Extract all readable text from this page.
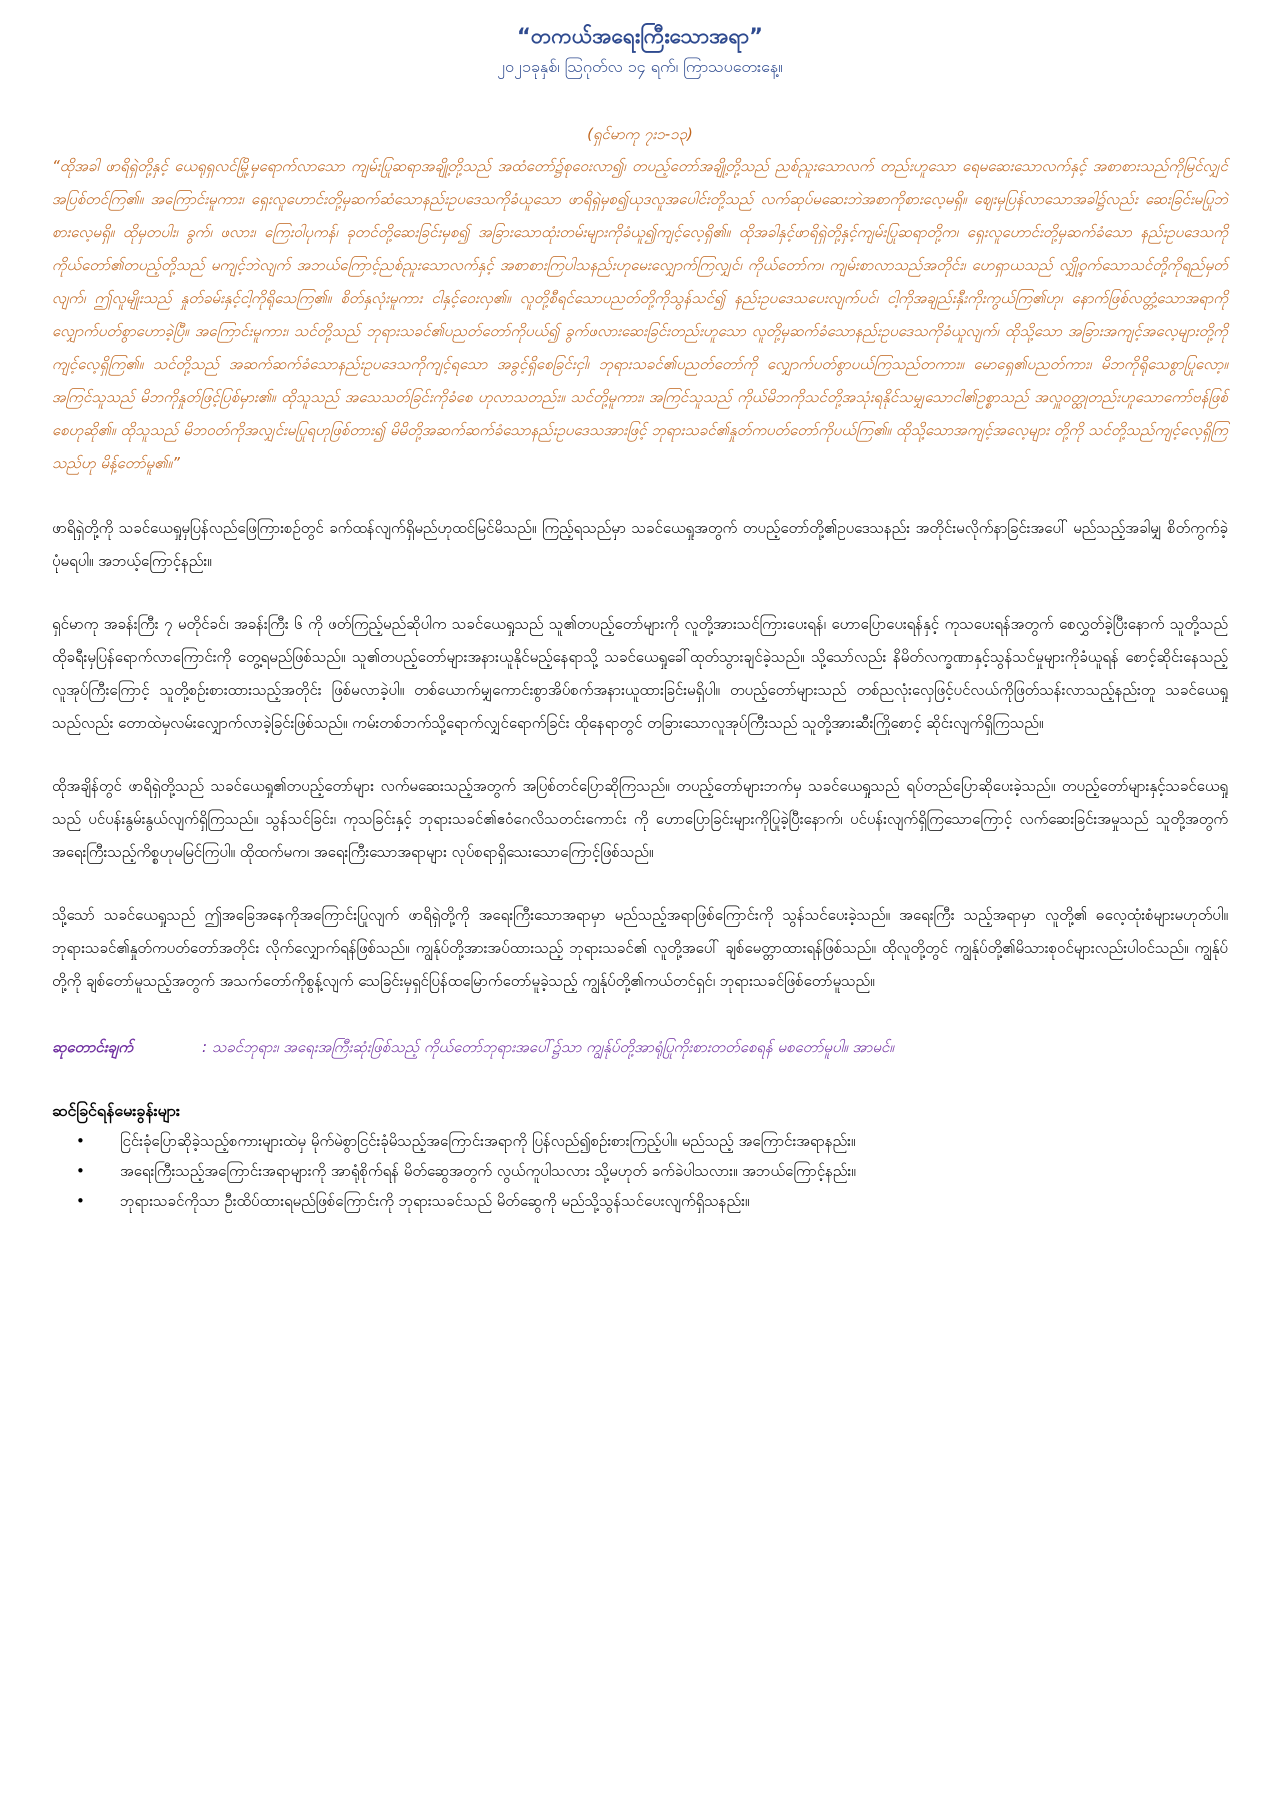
“တကယ်အရေးကြီးသောအရာ”

၂၀၂၁ခုနှစ်၊ ဩဂုတ်လ ၁၄ ရက်၊ ကြာသပတေးနေ့။

(ရှင်မာကု ၇း၁-၁၃)

“ထိုအခါ ဖာရိရှဲတို့နှင့် ယေရုရှလင်မြို့မှရောက်လာသော ကျမ်းပြုဆရာအချို့တို့သည် အထံတော်၌စုဝေးလာ၍၊ တပည့်တော်အချို့တို့သည် ညစ်ညူးသောလက် တည်းဟူသော ရေမဆေးသောလက်နှင့် အစာစားသည်ကိုမြင်လျှင် အပြစ်တင်ကြ၏။ အကြောင်းမူကား၊ ရှေးလူဟောင်းတို့မှဆက်ဆံသောနည်းဥပဒေသကိုခံယူသော ဖာရိရှဲမှစ၍ယုဒလူအပေါင်းတို့သည် လက်ဆုပ်မဆေးဘဲအစာကိုစားလေ့မရှိ။ ဈေးမှပြန်လာသောအခါ၌လည်း ဆေးခြင်းမပြုဘဲစားလေ့မရှိ။ ထိုမှတပါး၊ ခွက်၊ ဖလား၊ ကြေးဝါပုကန်၊ ခုတင်တို့ဆေးခြင်းမှစ၍ အခြားသောထုံးတမ်းများကိုခံယူ၍ကျင့်လေ့ရှိ၏။ ထိုအခါနှင့်ဖာရိရှဲတို့နှင့်ကျမ်းပြုဆရာတို့က၊ ရှေးလူဟောင်းတို့မှဆက်ခံသော နည်းဥပဒေသကို ကိုယ်တော်၏တပည့်တို့သည် မကျင့်ဘဲလျက် အဘယ်ကြောင့်ညစ်ညူးသောလက်နှင့် အစာစားကြပါသနည်းဟုမေးလျှောက်ကြလျှင်၊ ကိုယ်တော်က၊ ကျမ်းစာလာသည်အတိုင်း၊ ဟေရှာယသည် လျှို့ဝှက်သောသင်တို့ကိုရည်မှတ်လျက်၊ ဤလူမျိုးသည် နှုတ်ခမ်းနှင့်ငါ့ကိုရိုသေကြ၏။ စိတ်နှလုံးမူကား ငါနှင့်ဝေးလှ၏။ လူတို့စီရင်သောပညတ်တို့ကိုသွန်သင်၍ နည်းဥပဒေသပေးလျက်ပင်၊ ငါ့ကိုအချည်းနှီးကိုးကွယ်ကြ၏ဟု၊ နောက်ဖြစ်လတ္တံ့သောအရာကိုလျှောက်ပတ်စွာဟောခဲ့ပြီ။ အကြောင်းမူကား၊ သင်တို့သည် ဘုရားသခင်၏ပညတ်တော်ကိုပယ်၍ ခွက်ဖလားဆေးခြင်းတည်းဟူသော လူတို့မှဆက်ခံသောနည်းဥပဒေသကိုခံယူလျက်၊ ထိုသို့သော အခြားအကျင့်အလေ့များတို့ကိုကျင့်လေ့ရှိကြ၏။ သင်တို့သည် အဆက်ဆက်ခံသောနည်းဥပဒေသကိုကျင့်ရသော အခွင့်ရှိစေခြင်းငှါ၊ ဘုရားသခင်၏ပညတ်တော်ကို လျှောက်ပတ်စွာပယ်ကြသည်တကား။ မောရှေ၏ပညတ်ကား၊ မိဘကိုရိုသေစွာပြုလော့။ အကြင်သူသည် မိဘကိုနှုတ်ဖြင့်ပြစ်မှား၏။ ထိုသူသည် အသေသတ်ခြင်းကိုခံစေ ဟုလာသတည်း။ သင်တို့မူကား၊ အကြင်သူသည် ကိုယ်မိဘကိုသင်တို့အသုံးရနိုင်သမျှသောငါ၏ဥစ္စာသည် အလှူဝတ္ထုတည်းဟူသောကော်ဗန်ဖြစ်စေဟုဆို၏။ ထိုသူသည် မိဘဝတ်ကိုအလျှင်းမပြုရဟုဖြစ်တား၍ မိမိတို့အဆက်ဆက်ခံသောနည်းဥပဒေသအားဖြင့် ဘုရားသခင်၏နှုတ်ကပတ်တော်ကိုပယ်ကြ၏။ ထိုသို့သောအကျင့်အလေ့များ တို့ကို သင်တို့သည်ကျင့်လေ့ရှိကြသည်ဟု မိန့်တော်မူ၏။”

ဖာရိရှဲတို့ကို သခင်ယေရှုမှပြန်လည်ဖြေကြားစဉ်တွင် ခက်ထန်လျက်ရှိမည်ဟုထင်မြင်မိသည်။ ကြည့်ရသည်မှာ သခင်ယေရှုအတွက် တပည့်တော်တို့၏ဥပဒေသနည်း အတိုင်းမလိုက်နာခြင်းအပေါ် မည်သည့်အခါမျှ စိတ်ကွက်ခဲ့ပုံမရပါ။ အဘယ့်ကြောင့်နည်း။

ရှင်မာကု အခန်းကြီး ၇ မတိုင်ခင်၊ အခန်းကြီး ၆ ကို ဖတ်ကြည့်မည်ဆိုပါက သခင်ယေရှုသည် သူ၏တပည့်တော်များကို လူတို့အားသင်ကြားပေးရန်၊ ဟောပြောပေးရန်နှင့် ကုသပေးရန်အတွက် စေလွှတ်ခဲ့ပြီးနောက် သူတို့သည် ထိုခရီးမှပြန်ရောက်လာကြောင်းကို တွေ့ရမည်ဖြစ်သည်။ သူ၏တပည့်တော်များအနားယူနိုင်မည့်နေရာသို့ သခင်ယေရှုခေါ်ထုတ်သွားချင်ခဲ့သည်။ သို့သော်လည်း နိမိတ်လက္ခဏာနှင့်သွန်သင်မှုများကိုခံယူရန် စောင့်ဆိုင်းနေသည့်လူအုပ်ကြီးကြောင့် သူတို့စဉ်းစားထားသည့်အတိုင်း ဖြစ်မလာခဲ့ပါ။ တစ်ယောက်မျှကောင်းစွာအိပ်စက်အနားယူထားခြင်းမရှိပါ။ တပည့်တော်များသည် တစ်ညလုံးလှေဖြင့်ပင်လယ်ကိုဖြတ်သန်းလာသည့်နည်းတူ သခင်ယေရှု သည်လည်း တောထဲမှလမ်းလျှောက်လာခဲ့ခြင်းဖြစ်သည်။ ကမ်းတစ်ဘက်သို့ရောက်လျှင်ရောက်ခြင်း ထိုနေရာတွင် တခြားသောလူအုပ်ကြီးသည် သူတို့အားဆီးကြိုစောင့် ဆိုင်းလျက်ရှိကြသည်။

ထိုအချိန်တွင် ဖာရိရှဲတို့သည် သခင်ယေရှု၏တပည့်တော်များ လက်မဆေးသည့်အတွက် အပြစ်တင်ပြောဆိုကြသည်။ တပည့်တော်များဘက်မှ သခင်ယေရှုသည် ရပ်တည်ပြောဆိုပေးခဲ့သည်။ တပည့်တော်များနှင့်သခင်ယေရှုသည် ပင်ပန်းနွမ်းနွယ်လျက်ရှိကြသည်။ သွန်သင်ခြင်း၊ ကုသခြင်းနှင့် ဘုရားသခင်၏ဧဝံဂေလိသတင်းကောင်း ကို ဟောပြောခြင်းများကိုပြုခဲ့ပြီးနောက်၊ ပင်ပန်းလျက်ရှိကြသောကြောင့် လက်ဆေးခြင်းအမှုသည် သူတို့အတွက် အရေးကြီးသည့်ကိစ္စဟုမမြင်ကြပါ။ ထိုထက်မက၊ အရေးကြီးသောအရာများ လုပ်စရာရှိသေးသောကြောင့်ဖြစ်သည်။

သို့သော် သခင်ယေရှုသည် ဤအခြေအနေကိုအကြောင်းပြုလျက် ဖာရိရှဲတို့ကို အရေးကြီးသောအရာမှာ မည်သည့်အရာဖြစ်ကြောင်းကို သွန်သင်ပေးခဲ့သည်။ အရေးကြီး သည့်အရာမှာ လူတို့၏ ဓလေ့ထုံးစံများမဟုတ်ပါ။ ဘုရားသခင်၏နှုတ်ကပတ်တော်အတိုင်း လိုက်လျှောက်ရန်ဖြစ်သည်။ ကျွန်ုပ်တို့အားအပ်ထားသည့် ဘုရားသခင်၏ လူတို့အပေါ် ချစ်မေတ္တာထားရန်ဖြစ်သည်။ ထိုလူတို့တွင် ကျွန်ုပ်တို့၏မိသားစုဝင်များလည်းပါဝင်သည်။ ကျွန်ုပ်တို့ကို ချစ်တော်မူသည့်အတွက် အသက်တော်ကိုစွန့်လျက် သေခြင်းမှရှင်ပြန်ထမြောက်တော်မူခဲ့သည့် ကျွန်ုပ်တို့၏ကယ်တင်ရှင်၊ ဘုရားသခင်ဖြစ်တော်မူသည်။

ဆုတောင်းချက်	: သခင်ဘုရား၊ အရေးအကြီးဆုံးဖြစ်သည့် ကိုယ်တော်ဘုရားအပေါ်၌သာ ကျွန်ုပ်တို့အာရုံပြုကိုးစားတတ်စေရန် မစတော်မူပါ။ အာမင်။
ဆင်ခြင်ရန်မေးခွန်းများ
• ငြင်းခုံပြောဆိုခဲ့သည့်စကားများထဲမှ မိုက်မဲစွာငြင်းခုံမိသည့်အကြောင်းအရာကို ပြန်လည်၍စဉ်းစားကြည့်ပါ။ မည်သည့် အကြောင်းအရာနည်း။
• အရေးကြီးသည့်အကြောင်းအရာများကို အာရုံစိုက်ရန် မိတ်ဆွေအတွက် လွယ်ကူပါသလား သို့မဟုတ် ခက်ခဲပါသလား။ အဘယ်ကြောင့်နည်း။
• ဘုရားသခင်ကိုသာ ဦးထိပ်ထားရမည်ဖြစ်ကြောင်းကို ဘုရားသခင်သည် မိတ်ဆွေကို မည်သို့သွန်သင်ပေးလျက်ရှိသနည်း။
